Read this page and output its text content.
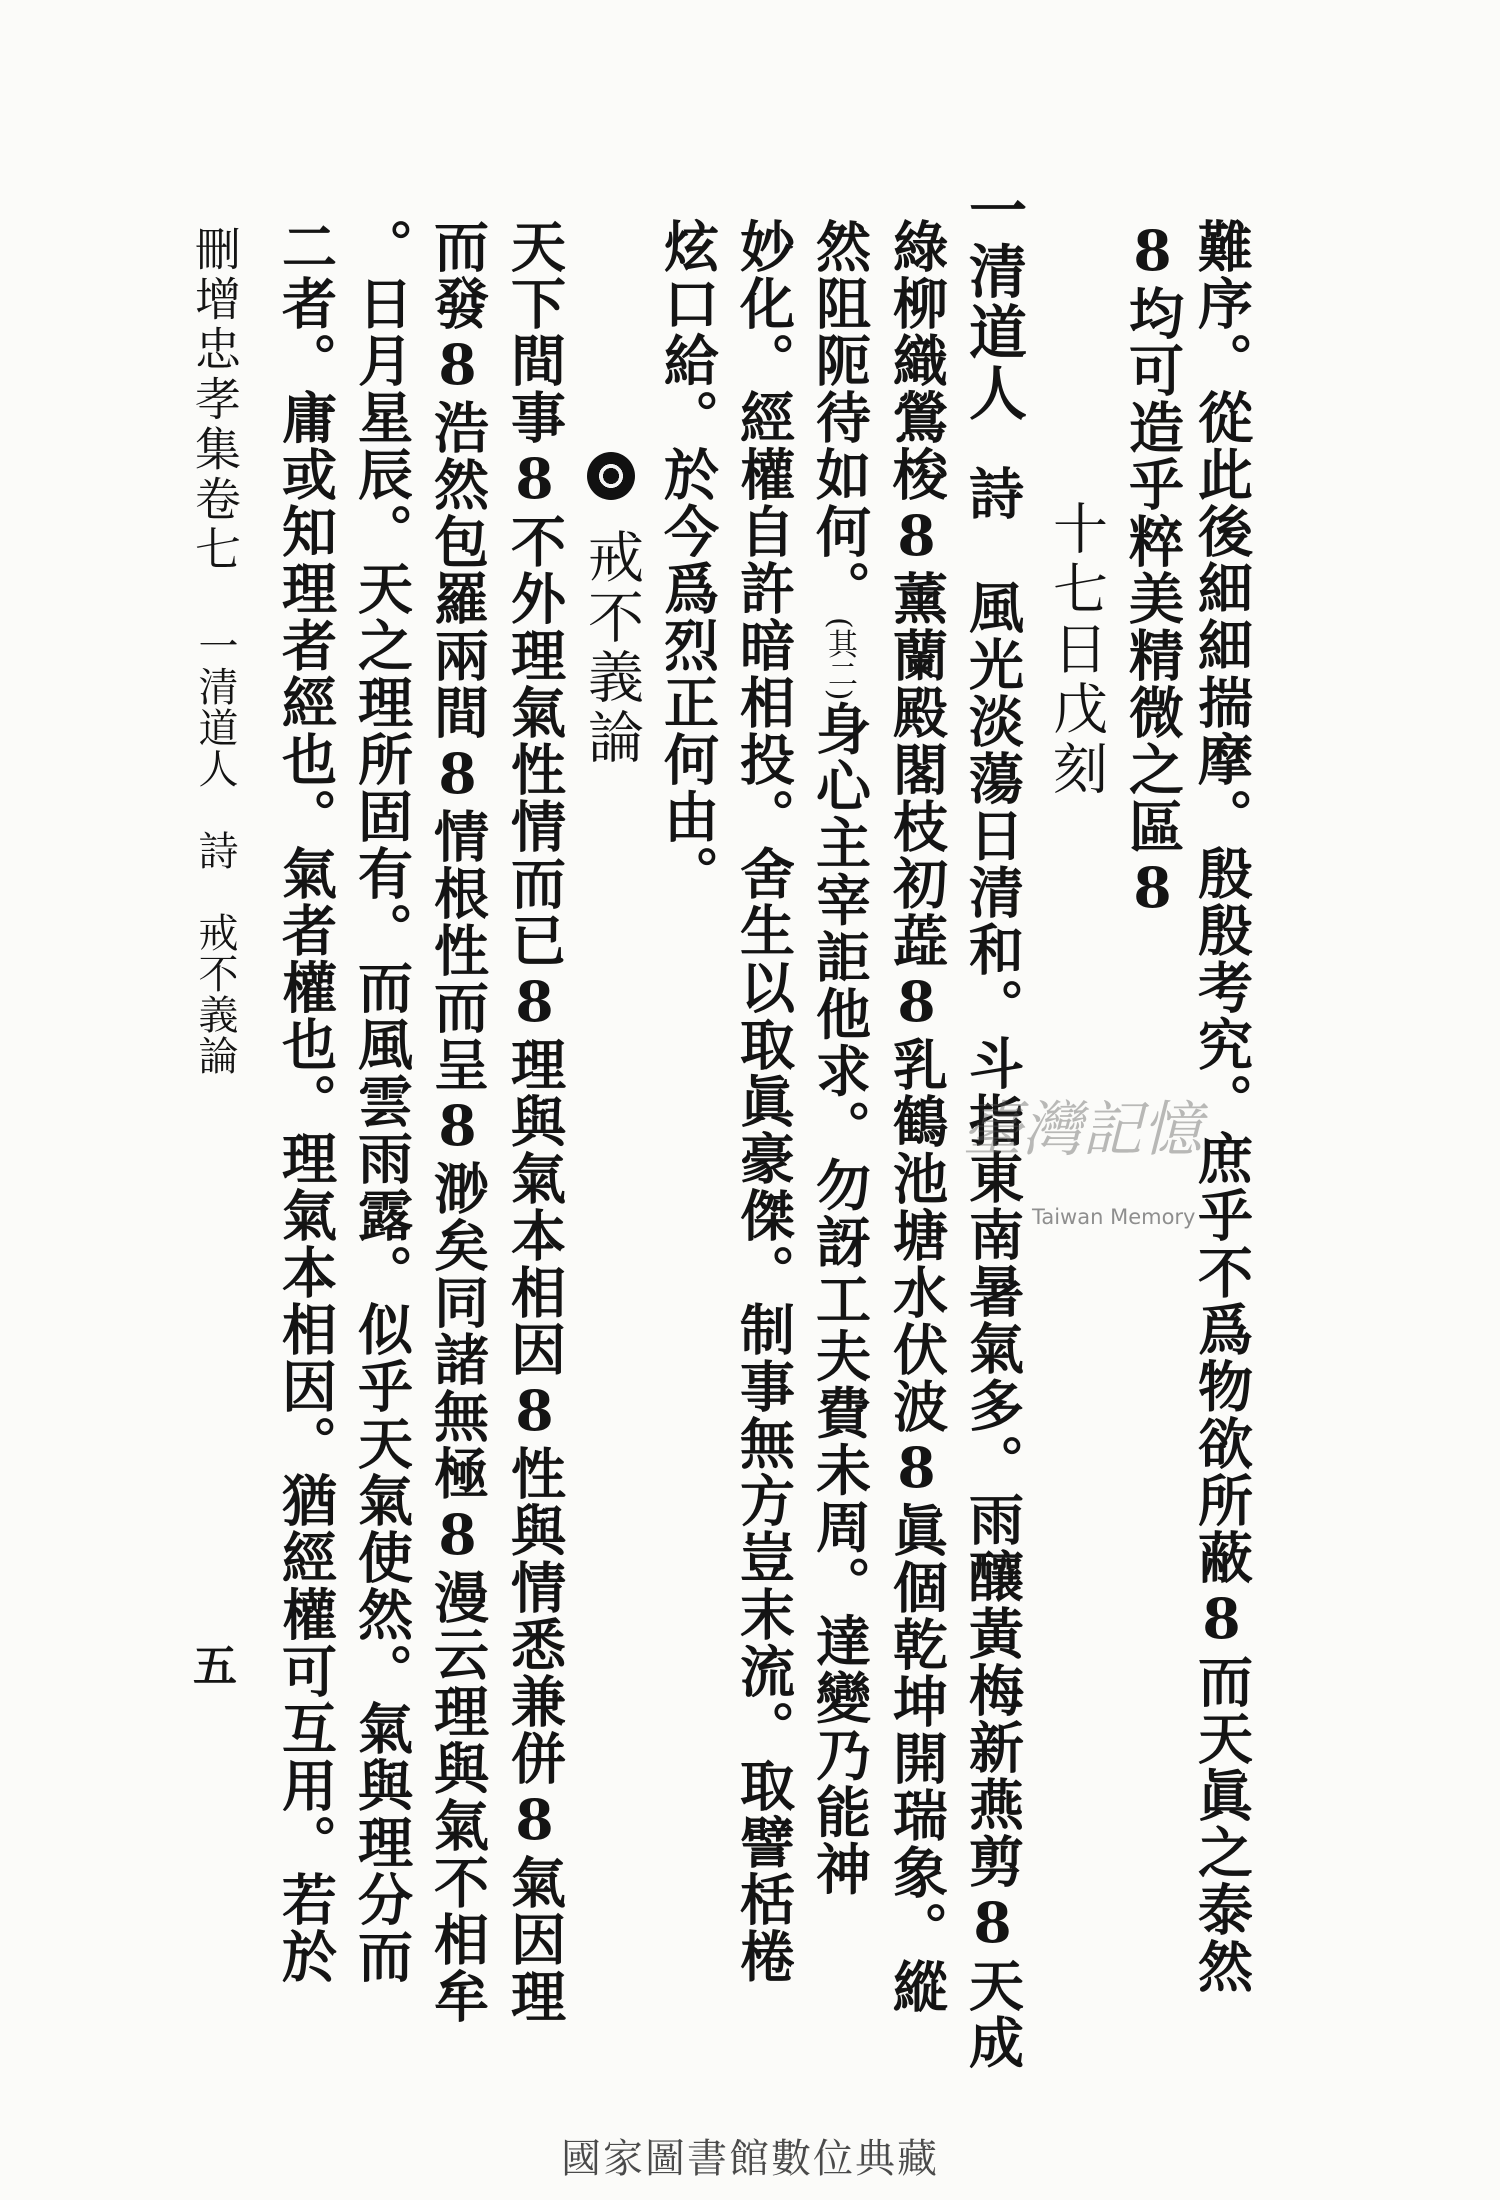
難序。從此後細細揣摩。殷殷考究。庶乎不爲物欲所蔽8而天眞之泰然
8均可造乎粹美精微之區8
十七日戊刻
一清道人
詩
風光淡蕩日清和。斗指東南暑氣多。雨釀黃梅新燕剪8天成
綠柳織鶯梭8薰蘭殿閣枝初蕋8乳鶴池塘水伏波8眞個乾坤開瑞象。縱
然阻阨待如何。(其二)身心主宰詎他求。勿訝工夫費未周。達變乃能神
妙化。經權自許暗相投。舍生以取眞豪傑。制事無方豈末流。取譬栝棬
炫口給。於今爲烈正何由。
戒不義論
天下間事8不外理氣性情而已8理與氣本相因8性與情悉兼併8氣因理
而發8浩然包羅兩間8情根性而呈8渺矣同諸無極8漫云理與氣不相牟
。日月星辰。天之理所固有。而風雲雨露。似乎天氣使然。氣與理分而
二者。庸或知理者經也。氣者權也。理氣本相因。猶經權可互用。若於
刪增忠孝集卷七
一清道人　詩　戒不義論
五
臺灣記憶
Taiwan Memory
國家圖書館數位典藏
